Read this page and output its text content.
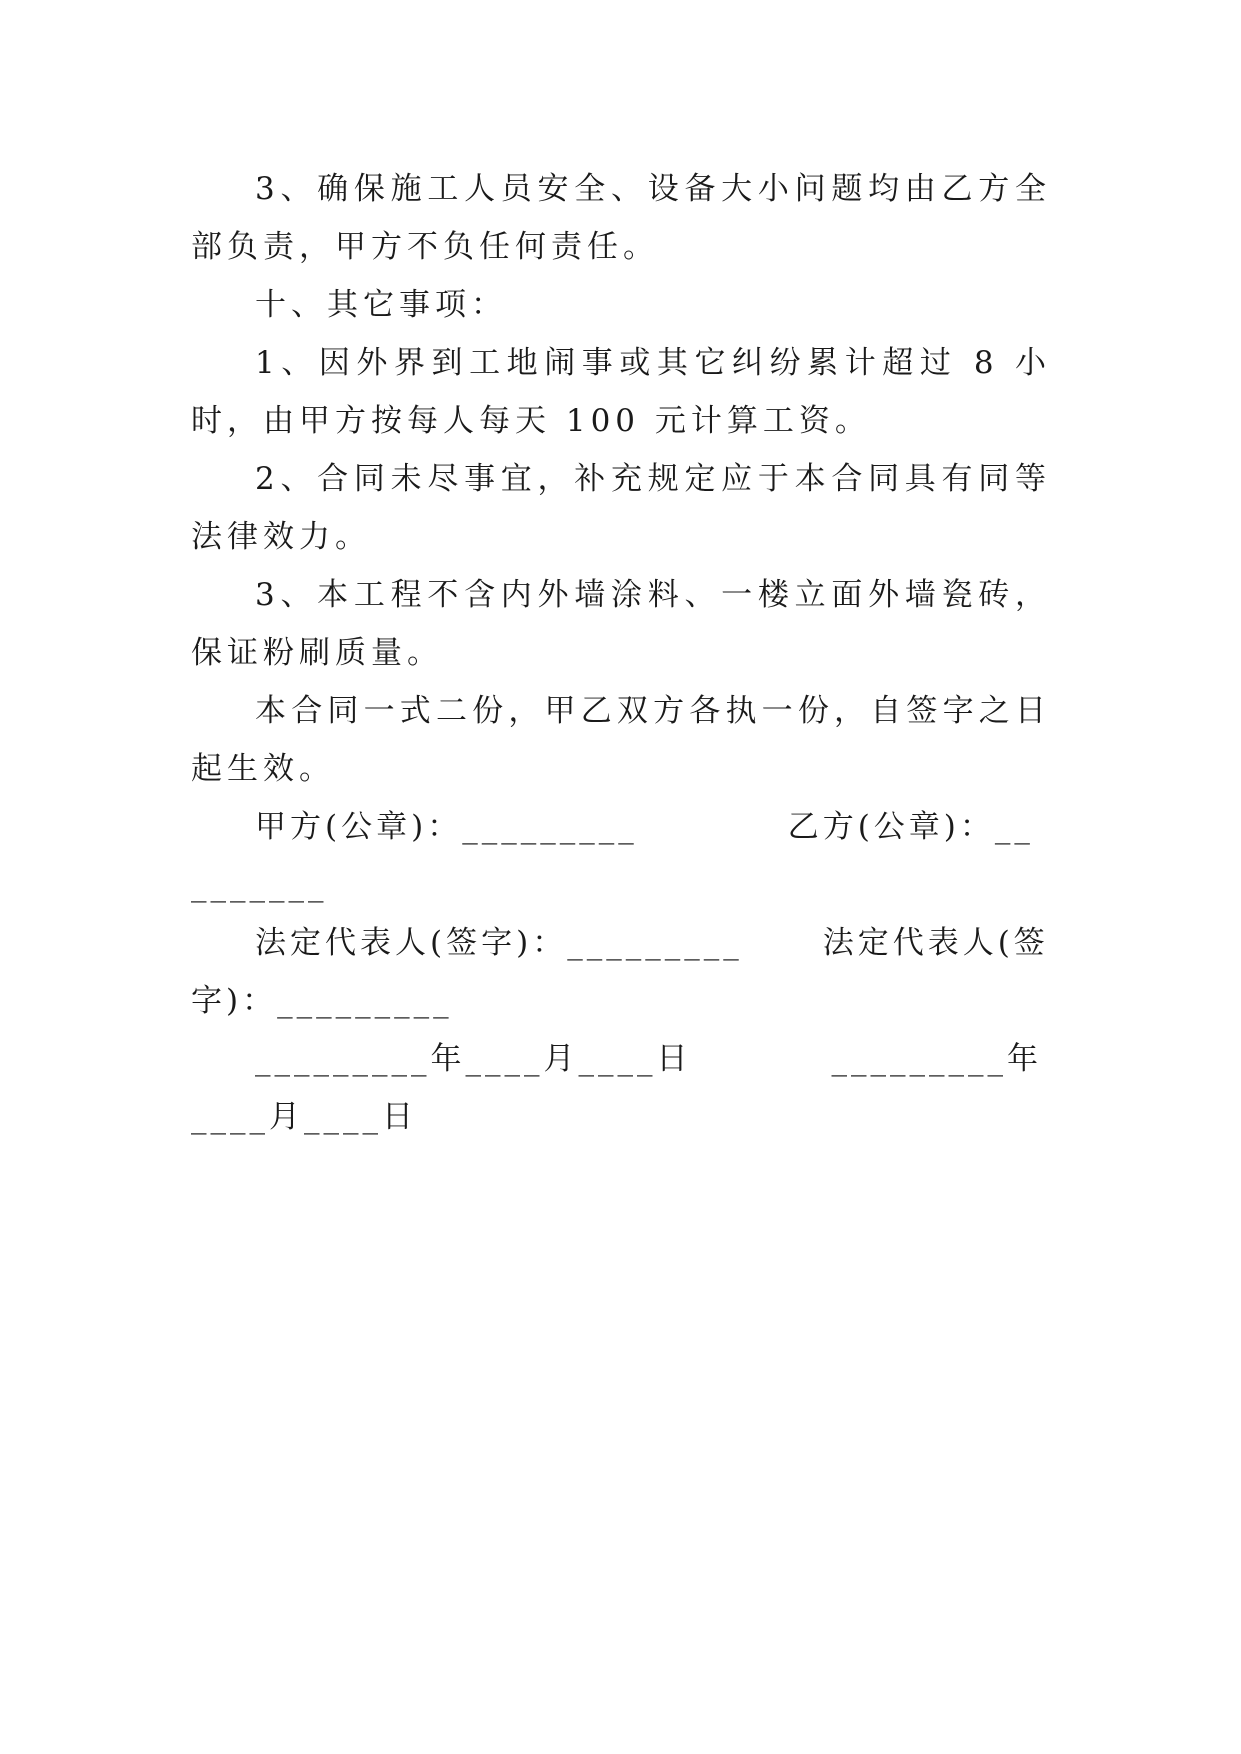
3、确保施工人员安全、设备大小问题均由乙方全部负责，甲方不负任何责任。

十、其它事项：

1、因外界到工地闹事或其它纠纷累计超过 8 小时，由甲方按每人每天 100 元计算工资。

2、合同未尽事宜，补充规定应于本合同具有同等法律效力。

3、本工程不含内外墙涂料、一楼立面外墙瓷砖，保证粉刷质量。

本合同一式二份，甲乙双方各执一份，自签字之日起生效。

甲方(公章)：_________	乙方(公章)：_________

法定代表人(签字)：_________	法定代表人(签字)：_________

_________年____月____日	_________年____月____日
